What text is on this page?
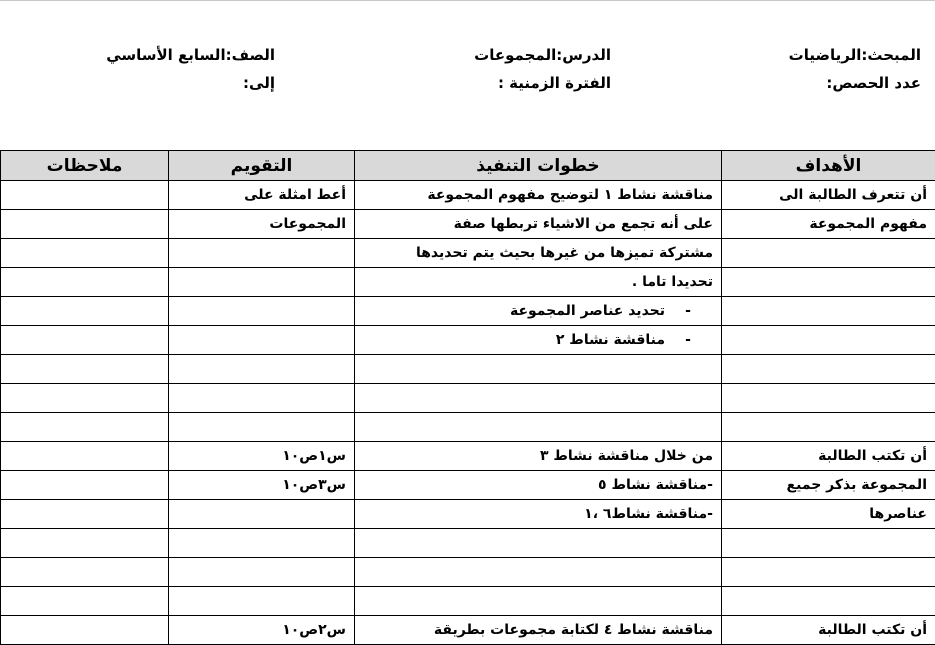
المبحث:الرياضيات
الدرس:المجموعات
الصف:السابع الأساسي
عدد الحصص:
الفترة الزمنية :
إلى:
الأهداف	خطوات التنفيذ	التقويم	ملاحظات
أن تتعرف الطالبة الى	مناقشة نشاط ١ لتوضيح مفهوم المجموعة	أعط امثلة على	
مفهوم المجموعة	على أنه تجمع من الاشياء تربطها صفة	المجموعات	
	مشتركة تميزها من غيرها بحيث يتم تحديدها		
	تحديدا تاما .		
	-تحديد عناصر المجموعة		
	-مناقشة نشاط ٢		

أن تكتب الطالبة	من خلال مناقشة نشاط ٣	س١ص١٠	
المجموعة بذكر جميع	-مناقشة نشاط ٥	س٣ص١٠	
عناصرها	-مناقشة نشاط٦ ،١		

أن تكتب الطالبة	مناقشة نشاط ٤ لكتابة مجموعات بطريقة	س٢ص١٠	
